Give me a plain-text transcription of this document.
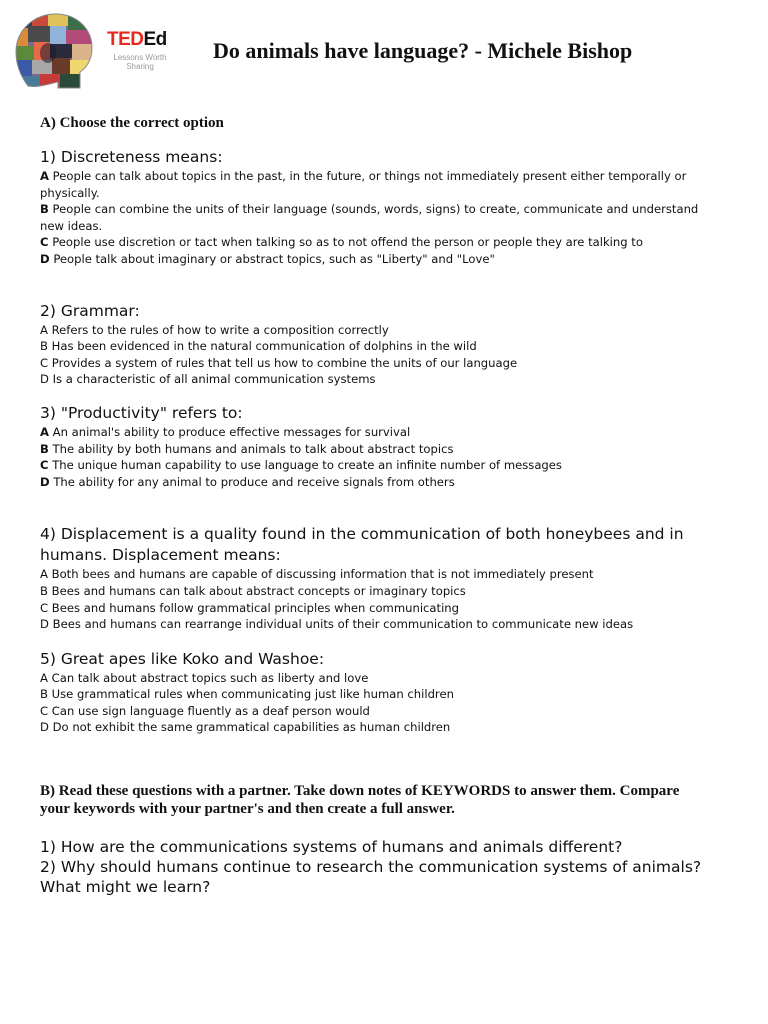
TEDEd
Lessons Worth Sharing
Do animals have language? - Michele Bishop
A) Choose the correct option
1) Discreteness means:
A People can talk about topics in the past, in the future, or things not immediately present either temporally or physically.
B People can combine the units of their language (sounds, words, signs) to create, communicate and understand new ideas.
C People use discretion or tact when talking so as to not offend the person or people they are talking to
D People talk about imaginary or abstract topics, such as "Liberty" and "Love"
2) Grammar:
A Refers to the rules of how to write a composition correctly
B Has been evidenced in the natural communication of dolphins in the wild
C Provides a system of rules that tell us how to combine the units of our language
D Is a characteristic of all animal communication systems
3) "Productivity" refers to:
A An animal's ability to produce effective messages for survival
B The ability by both humans and animals to talk about abstract topics
C The unique human capability to use language to create an infinite number of messages
D The ability for any animal to produce and receive signals from others
4) Displacement is a quality found in the communication of both honeybees and in humans. Displacement means:
A Both bees and humans are capable of discussing information that is not immediately present
B Bees and humans can talk about abstract concepts or imaginary topics
C Bees and humans follow grammatical principles when communicating
D Bees and humans can rearrange individual units of their communication to communicate new ideas
5) Great apes like Koko and Washoe:
A Can talk about abstract topics such as liberty and love
B Use grammatical rules when communicating just like human children
C Can use sign language fluently as a deaf person would
D Do not exhibit the same grammatical capabilities as human children
B) Read these questions with a partner. Take down notes of KEYWORDS to answer them. Compare your keywords with your partner's and then create a full answer.
1) How are the communications systems of humans and animals different?
2) Why should humans continue to research the communication systems of animals? What might we learn?
